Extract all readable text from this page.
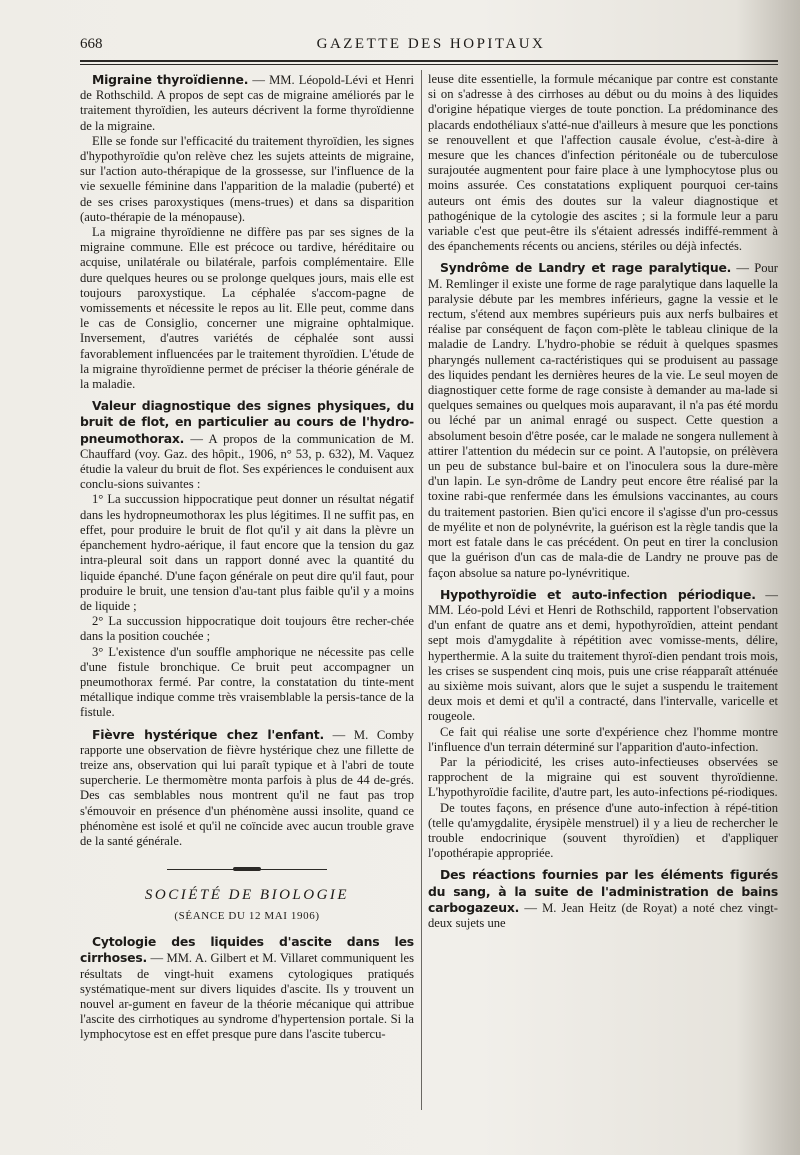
668	GAZETTE DES HOPITAUX

Migraine thyroïdienne. — MM. Léopold-Lévi et Henri de Rothschild. A propos de sept cas de migraine améliorés par le traitement thyroïdien, les auteurs décrivent la forme thyroïdienne de la migraine.

Elle se fonde sur l'efficacité du traitement thyroïdien, les signes d'hypothyroïdie qu'on relève chez les sujets atteints de migraine, sur l'action auto-thérapique de la grossesse, sur l'influence de la vie sexuelle féminine dans l'apparition de la maladie (puberté) et de ses crises paroxystiques (mens-trues) et dans sa disparition (auto-thérapie de la ménopause).

La migraine thyroïdienne ne diffère pas par ses signes de la migraine commune. Elle est précoce ou tardive, héréditaire ou acquise, unilatérale ou bilatérale, parfois complémentaire. Elle dure quelques heures ou se prolonge quelques jours, mais elle est toujours paroxystique. La céphalée s'accom-pagne de vomissements et nécessite le repos au lit. Elle peut, comme dans le cas de Consiglio, concerner une migraine ophtalmique. Inversement, d'autres variétés de céphalée sont aussi favorablement influencées par le traitement thyroïdien. L'étude de la migraine thyroïdienne permet de préciser la théorie générale de la maladie.

Valeur diagnostique des signes physiques, du bruit de flot, en particulier au cours de l'hydro-pneumothorax. — A propos de la communication de M. Chauffard (voy. Gaz. des hôpit., 1906, n° 53, p. 632), M. Vaquez étudie la valeur du bruit de flot. Ses expériences le conduisent aux conclu-sions suivantes :

1° La succussion hippocratique peut donner un résultat négatif dans les hydropneumothorax les plus légitimes. Il ne suffit pas, en effet, pour produire le bruit de flot qu'il y ait dans la plèvre un épanchement hydro-aérique, il faut encore que la tension du gaz intra-pleural soit dans un rapport donné avec la quantité du liquide épanché. D'une façon générale on peut dire qu'il faut, pour produire le bruit, une tension d'au-tant plus faible qu'il y a moins de liquide ;

2° La succussion hippocratique doit toujours être recher-chée dans la position couchée ;

3° L'existence d'un souffle amphorique ne nécessite pas celle d'une fistule bronchique. Ce bruit peut accompagner un pneumothorax fermé. Par contre, la constatation du tinte-ment métallique indique comme très vraisemblable la persis-tance de la fistule.

Fièvre hystérique chez l'enfant. — M. Comby rapporte une observation de fièvre hystérique chez une fillette de treize ans, observation qui lui paraît typique et à l'abri de toute supercherie. Le thermomètre monta parfois à plus de 44 de-grés. Des cas semblables nous montrent qu'il ne faut pas trop s'émouvoir en présence d'un phénomène aussi insolite, quand ce phénomène est isolé et qu'il ne coïncide avec aucun trouble grave de la santé générale.

SOCIÉTÉ DE BIOLOGIE
(SÉANCE DU 12 MAI 1906)

Cytologie des liquides d'ascite dans les cirrhoses. — MM. A. Gilbert et M. Villaret communiquent les résultats de vingt-huit examens cytologiques pratiqués systématique-ment sur divers liquides d'ascite. Ils y trouvent un nouvel ar-gument en faveur de la théorie mécanique qui attribue l'ascite des cirrhotiques au syndrome d'hypertension portale. Si la lymphocytose est en effet presque pure dans l'ascite tubercu-

leuse dite essentielle, la formule mécanique par contre est constante si on s'adresse à des cirrhoses au début ou du moins à des liquides d'origine hépatique vierges de toute ponction. La prédominance des placards endothéliaux s'atté-nue d'ailleurs à mesure que les ponctions se renouvellent et que l'affection causale évolue, c'est-à-dire à mesure que les chances d'infection péritonéale ou de tuberculose surajoutée augmentent pour faire place à une lymphocytose plus ou moins assurée. Ces constatations expliquent pourquoi cer-tains auteurs ont émis des doutes sur la valeur diagnostique et pathogénique de la cytologie des ascites ; si la formule leur a paru variable c'est que peut-être ils s'étaient adressés indiffé-remment à des épanchements récents ou anciens, stériles ou déjà infectés.

Syndrôme de Landry et rage paralytique. — Pour M. Remlinger il existe une forme de rage paralytique dans laquelle la paralysie débute par les membres inférieurs, gagne la vessie et le rectum, s'étend aux membres supérieurs puis aux nerfs bulbaires et réalise par conséquent de façon com-plète le tableau clinique de la maladie de Landry. L'hydro-phobie se réduit à quelques spasmes pharyngés nullement ca-ractéristiques qui se produisent au passage des liquides pendant les dernières heures de la vie. Le seul moyen de diagnostiquer cette forme de rage consiste à demander au ma-lade si quelques semaines ou quelques mois auparavant, il n'a pas été mordu ou léché par un animal enragé ou suspect. Cette question a absolument besoin d'être posée, car le malade ne songera nullement à attirer l'attention du médecin sur ce point. A l'autopsie, on prélèvera un peu de substance bul-baire et on l'inoculera sous la dure-mère d'un lapin. Le syn-drôme de Landry peut encore être réalisé par la toxine rabi-que renfermée dans les émulsions vaccinantes, au cours du traitement pastorien. Bien qu'ici encore il s'agisse d'un pro-cessus de myélite et non de polynévrite, la guérison est la règle tandis que la mort est fatale dans le cas précédent. On peut en tirer la conclusion que la guérison d'un cas de mala-die de Landry ne prouve pas de façon absolue sa nature po-lynévritique.

Hypothyroïdie et auto-infection périodique. — MM. Léo-pold Lévi et Henri de Rothschild, rapportent l'observation d'un enfant de quatre ans et demi, hypothyroïdien, atteint pendant sept mois d'amygdalite à répétition avec vomisse-ments, délire, hyperthermie. A la suite du traitement thyroï-dien pendant trois mois, les crises se suspendent cinq mois, puis une crise réapparaît atténuée au sixième mois suivant, alors que le sujet a suspendu le traitement deux mois et demi et qu'il a contracté, dans l'intervalle, varicelle et rougeole.

Ce fait qui réalise une sorte d'expérience chez l'homme montre l'influence d'un terrain déterminé sur l'apparition d'auto-infection.

Par la périodicité, les crises auto-infectieuses observées se rapprochent de la migraine qui est souvent thyroïdienne. L'hypothyroïdie facilite, d'autre part, les auto-infections pé-riodiques.

De toutes façons, en présence d'une auto-infection à répé-tition (telle qu'amygdalite, érysipèle menstruel) il y a lieu de rechercher le trouble endocrinique (souvent thyroïdien) et d'appliquer l'opothérapie appropriée.

Des réactions fournies par les éléments figurés du sang, à la suite de l'administration de bains carbogazeux. — M. Jean Heitz (de Royat) a noté chez vingt-deux sujets une
